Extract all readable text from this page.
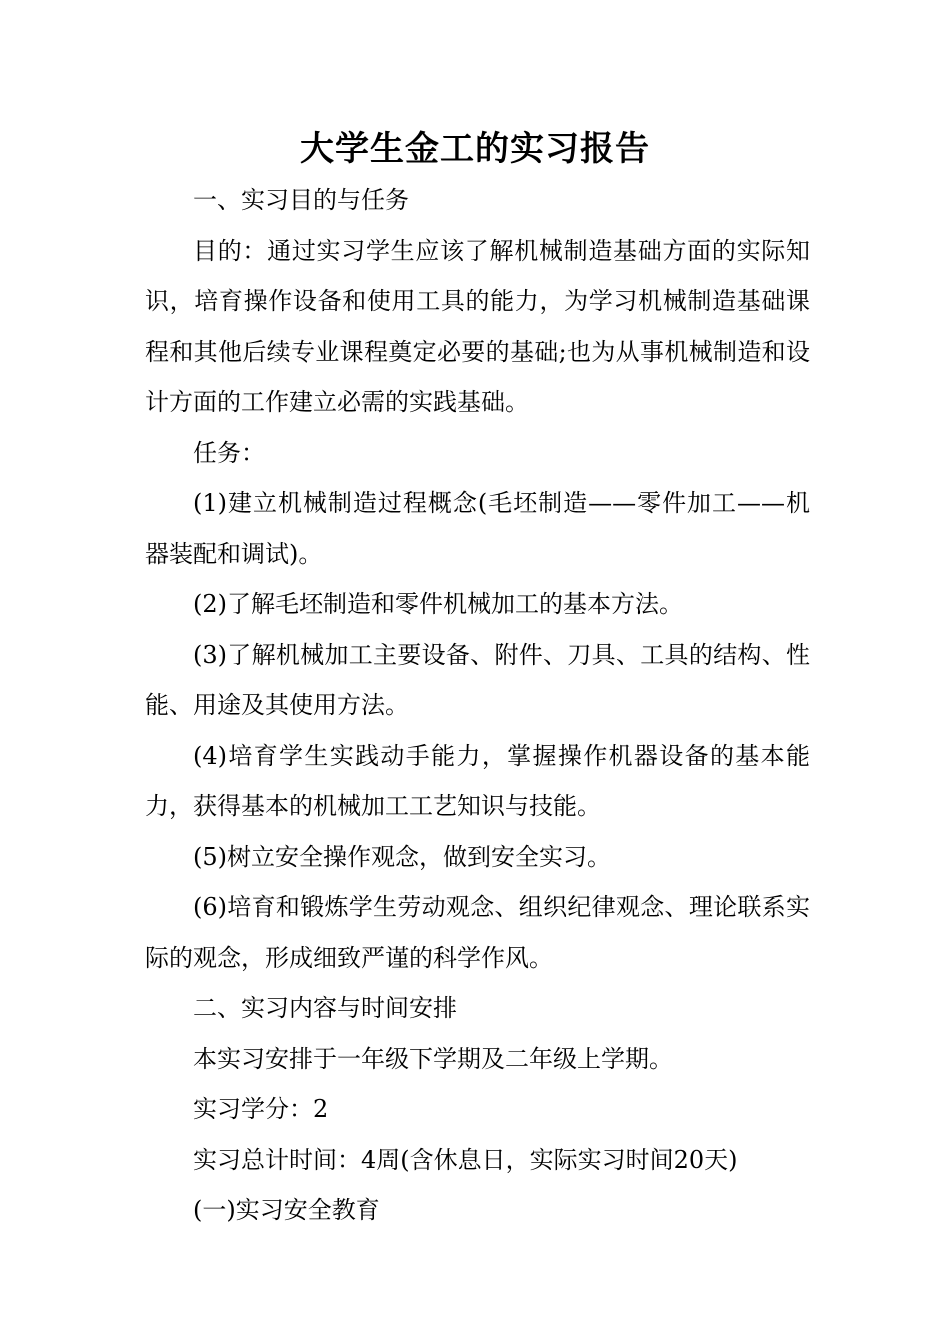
大学生金工的实习报告

一、实习目的与任务

目的：通过实习学生应该了解机械制造基础方面的实际知识，培育操作设备和使用工具的能力，为学习机械制造基础课程和其他后续专业课程奠定必要的基础;也为从事机械制造和设计方面的工作建立必需的实践基础。

任务：

(1)建立机械制造过程概念(毛坯制造——零件加工——机器装配和调试)。

(2)了解毛坯制造和零件机械加工的基本方法。

(3)了解机械加工主要设备、附件、刀具、工具的结构、性能、用途及其使用方法。

(4)培育学生实践动手能力，掌握操作机器设备的基本能力，获得基本的机械加工工艺知识与技能。

(5)树立安全操作观念，做到安全实习。

(6)培育和锻炼学生劳动观念、组织纪律观念、理论联系实际的观念，形成细致严谨的科学作风。

二、实习内容与时间安排

本实习安排于一年级下学期及二年级上学期。

实习学分：2

实习总计时间：4周(含休息日，实际实习时间20天)

(一)实习安全教育
